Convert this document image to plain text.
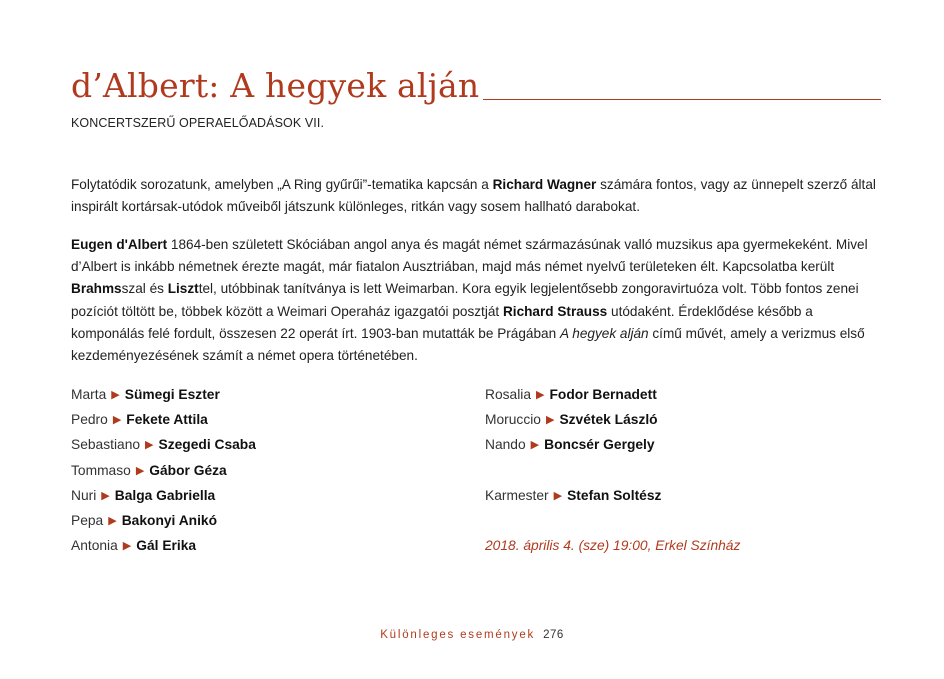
d’Albert: A hegyek alján
KONCERTSZERŰ OPERAELŐADÁSOK VII.

Folytatódik sorozatunk, amelyben „A Ring gyűrűi”-tematika kapcsán a Richard Wagner számára fontos, vagy az ünnepelt szerző által inspirált kortársak-utódok műveiből játszunk különleges, ritkán vagy sosem hallható darabokat.

Eugen d'Albert 1864-ben született Skóciában angol anya és magát német származásúnak valló muzsikus apa gyermekeként. Mivel d’Albert is inkább németnek érezte magát, már fiatalon Ausztriában, majd más német nyelvű területeken élt. Kapcsolatba került Brahmsszal és Liszttel, utóbbinak tanítványa is lett Weimarban. Kora egyik legjelentősebb zongoravirtuóza volt. Több fontos zenei pozíciót töltött be, többek között a Weimari Operaház igazgatói posztját Richard Strauss utódaként. Érdeklődése később a komponálás felé fordult, összesen 22 operát írt. 1903-ban mutatták be Prágában A hegyek alján című művét, amely a verizmus első kezdeményezésének számít a német opera történetében.

Marta ▶ Sümegi Eszter
Pedro ▶ Fekete Attila
Sebastiano ▶ Szegedi Csaba
Tommaso ▶ Gábor Géza
Nuri ▶ Balga Gabriella
Pepa ▶ Bakonyi Anikó
Antonia ▶ Gál Erika
Rosalia ▶ Fodor Bernadett
Moruccio ▶ Szvétek László
Nando ▶ Boncsér Gergely
Karmester ▶ Stefan Soltész
2018. április 4. (sze) 19:00, Erkel Színház
Különleges események 276
